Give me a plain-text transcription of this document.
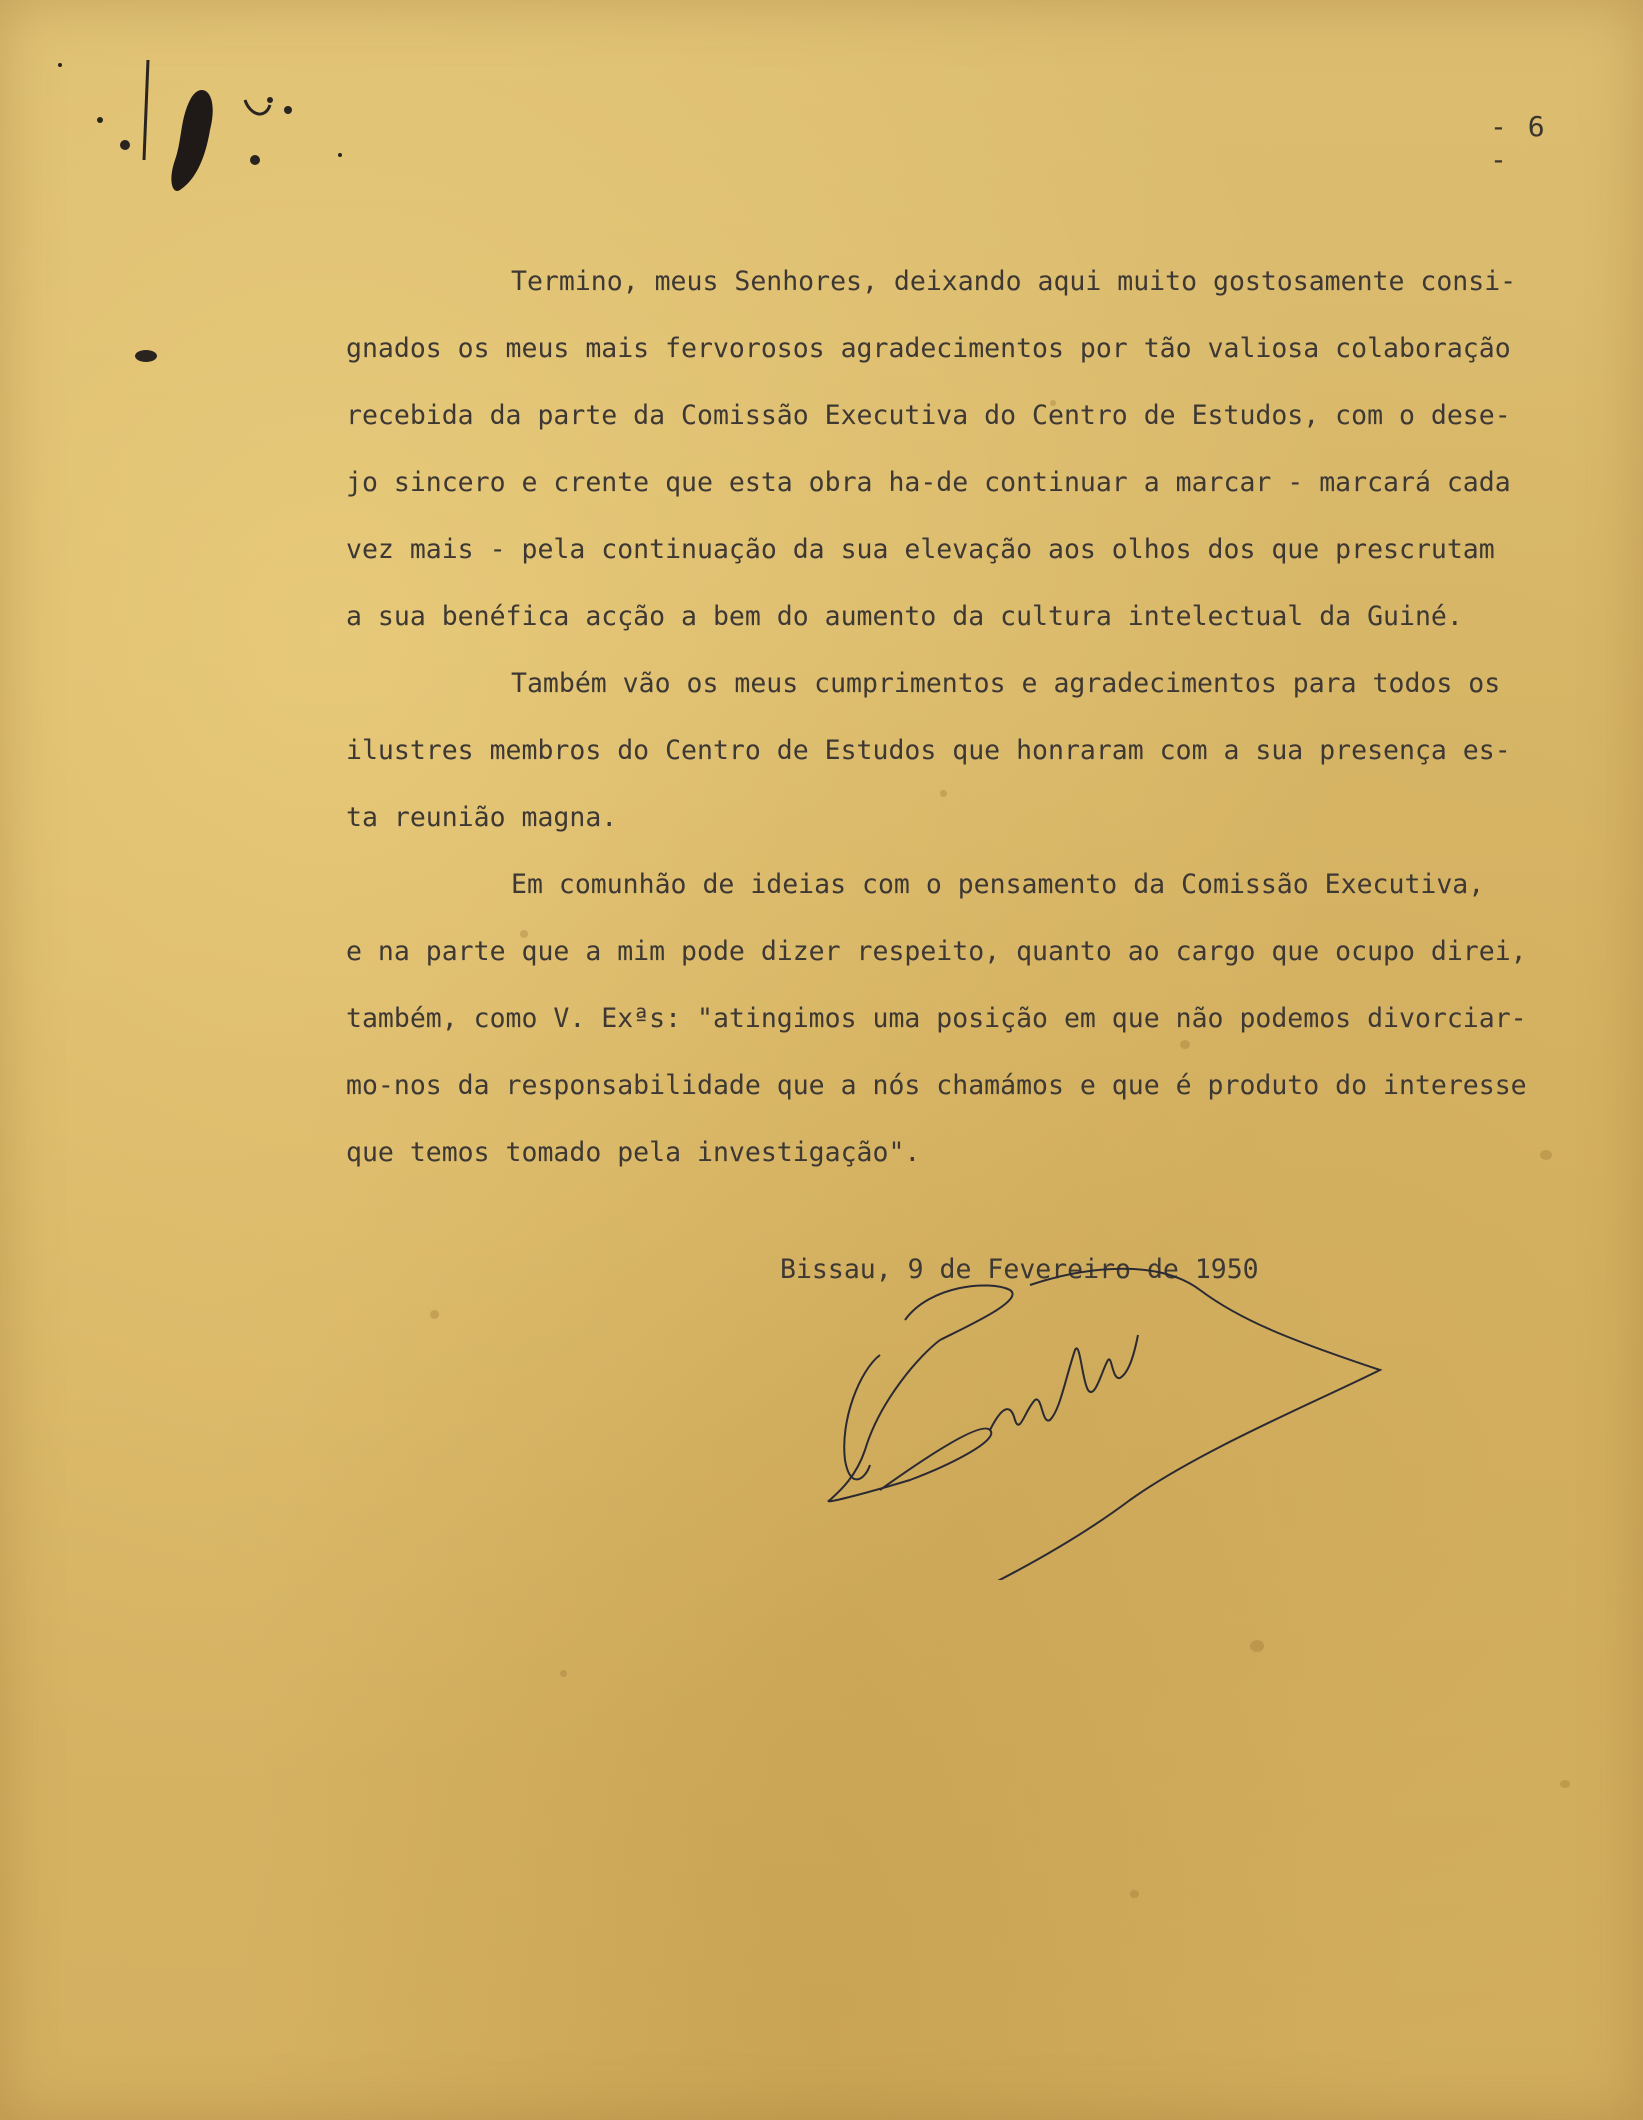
- 6 -
Termino, meus Senhores, deixando aqui muito gostosamente consi-
gnados os meus mais fervorosos agradecimentos por tão valiosa colaboração
recebida da parte da Comissão Executiva do Centro de Estudos, com o dese-
jo sincero e crente que esta obra ha-de continuar a marcar - marcará cada
vez mais - pela continuação da sua elevação aos olhos dos que prescrutam
a sua benéfica acção a bem do aumento da cultura intelectual da Guiné.
Também vão os meus cumprimentos e agradecimentos para todos os
ilustres membros do Centro de Estudos que honraram com a sua presença es-
ta reunião magna.
Em comunhão de ideias com o pensamento da Comissão Executiva,
e na parte que a mim pode dizer respeito, quanto ao cargo que ocupo direi,
também, como V. Exªs: "atingimos uma posição em que não podemos divorciar-
mo-nos da responsabilidade que a nós chamámos e que é produto do interesse
que temos tomado pela investigação".
Bissau, 9 de Fevereiro de 1950
